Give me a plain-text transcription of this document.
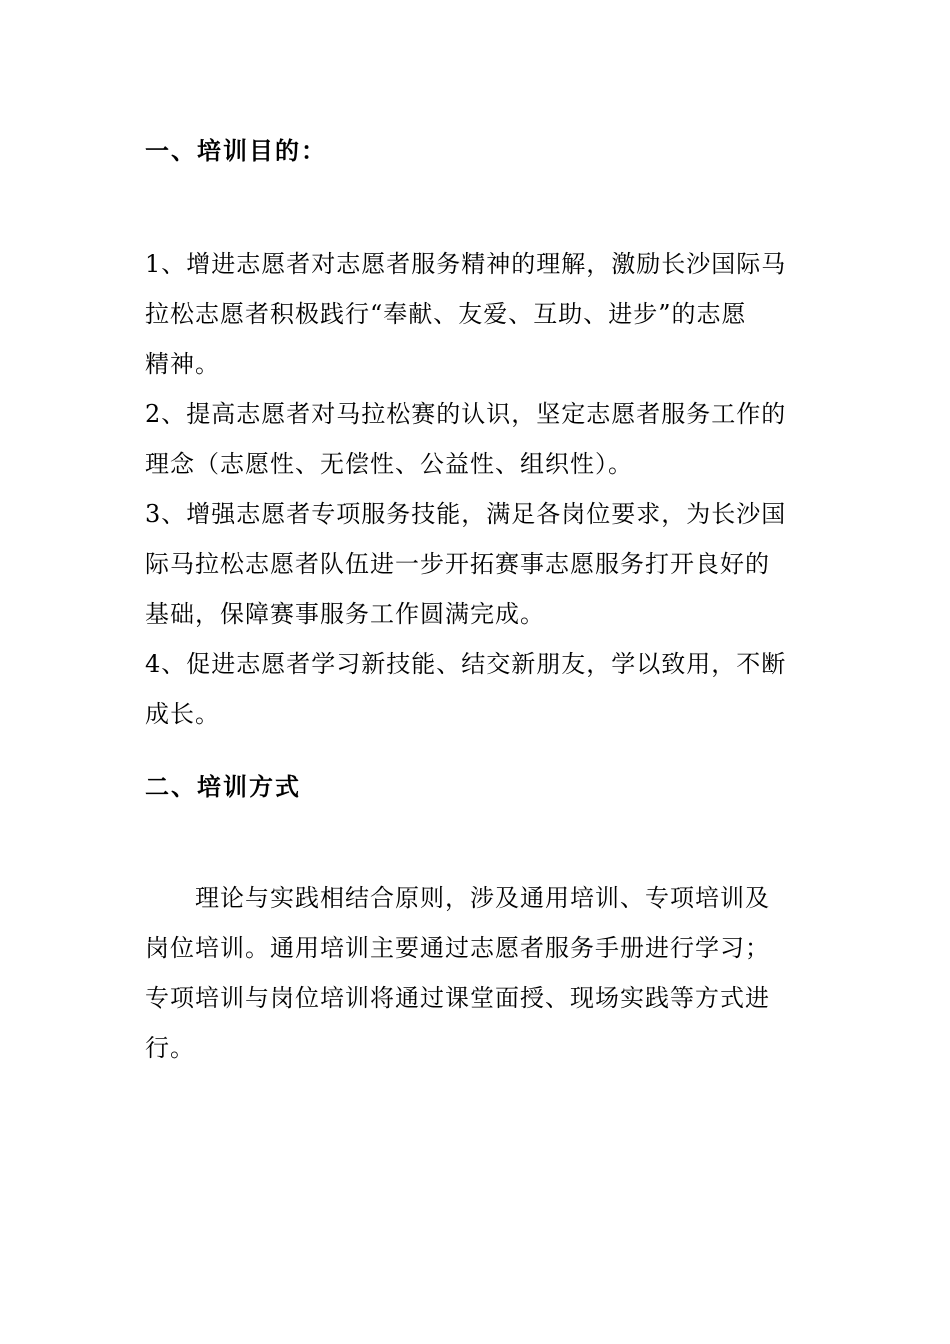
一、培训目的：
1、增进志愿者对志愿者服务精神的理解，激励长沙国际马
拉松志愿者积极践行“奉献、友爱、互助、进步”的志愿
精神。
2、提高志愿者对马拉松赛的认识，坚定志愿者服务工作的
理念（志愿性、无偿性、公益性、组织性）。
3、增强志愿者专项服务技能，满足各岗位要求，为长沙国
际马拉松志愿者队伍进一步开拓赛事志愿服务打开良好的
基础，保障赛事服务工作圆满完成。
4、促进志愿者学习新技能、结交新朋友，学以致用，不断
成长。
二、培训方式
理论与实践相结合原则，涉及通用培训、专项培训及
岗位培训。通用培训主要通过志愿者服务手册进行学习；
专项培训与岗位培训将通过课堂面授、现场实践等方式进
行。
